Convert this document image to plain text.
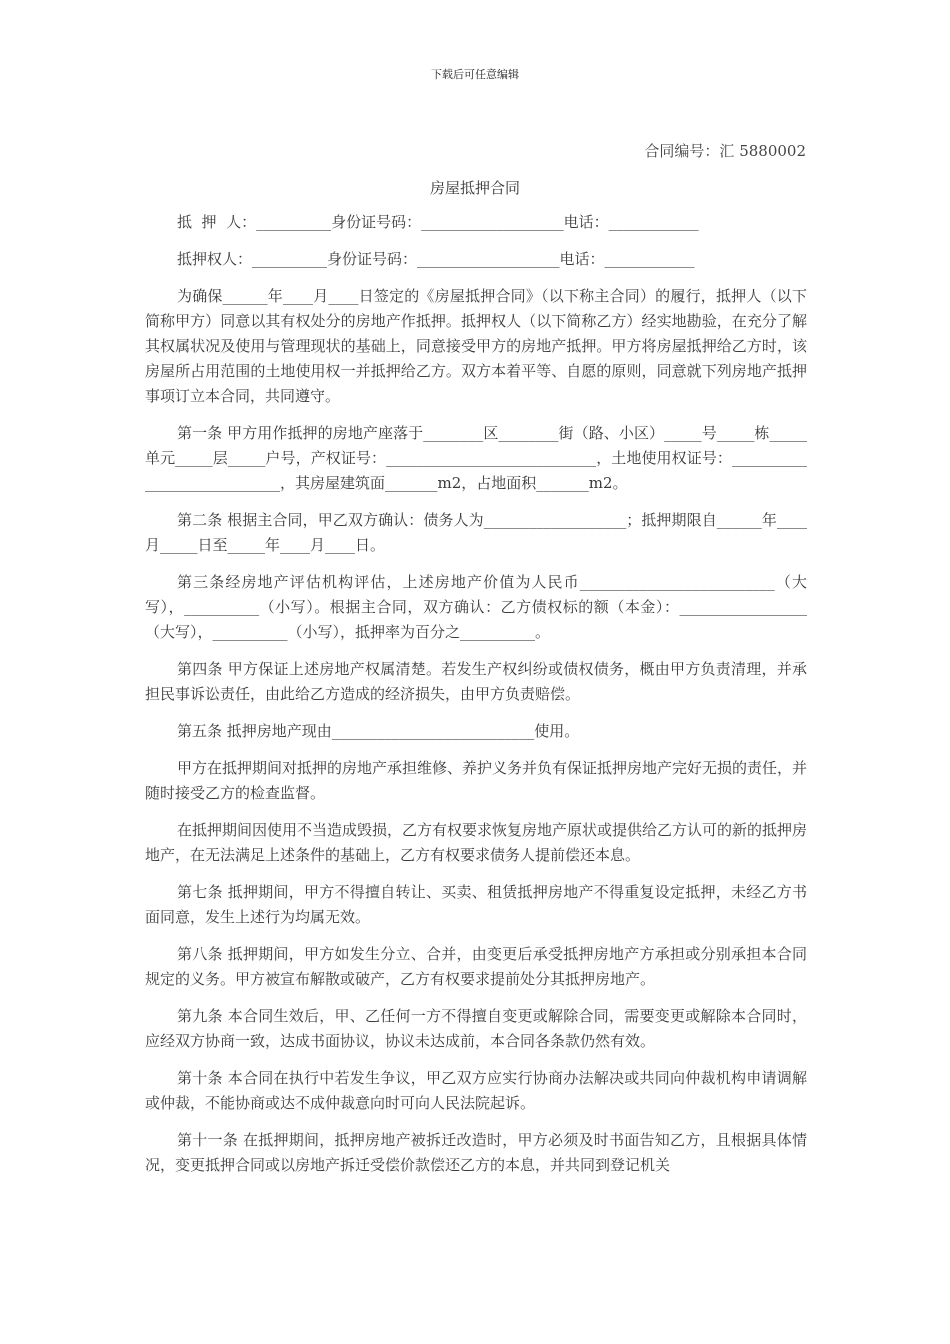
下载后可任意编辑
合同编号：汇 5880002
房屋抵押合同
抵  押  人：__________身份证号码：___________________电话：____________
抵押权人：__________身份证号码：___________________电话：____________

为确保______年____月____日签定的《房屋抵押合同》（以下称主合同）的履行，抵押人（以下简称甲方）同意以其有权处分的房地产作抵押。抵押权人（以下简称乙方）经实地勘验，在充分了解其权属状况及使用与管理现状的基础上，同意接受甲方的房地产抵押。甲方将房屋抵押给乙方时，该房屋所占用范围的土地使用权一并抵押给乙方。双方本着平等、自愿的原则，同意就下列房地产抵押事项订立本合同，共同遵守。

第一条 甲方用作抵押的房地产座落于________区________街（路、小区）_____号_____栋_____单元_____层_____户号，产权证号：____________________________，土地使用权证号：____________________________，其房屋建筑面_______m2，占地面积_______m2。

第二条 根据主合同，甲乙双方确认：债务人为___________________；抵押期限自______年____月_____日至_____年____月____日。

第三条经房地产评估机构评估，上述房地产价值为人民币__________________________（大写），__________（小写）。根据主合同，双方确认：乙方债权标的额（本金）：_________________（大写），__________（小写），抵押率为百分之__________。

第四条 甲方保证上述房地产权属清楚。若发生产权纠纷或债权债务，概由甲方负责清理，并承担民事诉讼责任，由此给乙方造成的经济损失，由甲方负责赔偿。

第五条 抵押房地产现由___________________________使用。

甲方在抵押期间对抵押的房地产承担维修、养护义务并负有保证抵押房地产完好无损的责任，并随时接受乙方的检查监督。

在抵押期间因使用不当造成毁损，乙方有权要求恢复房地产原状或提供给乙方认可的新的抵押房地产，在无法满足上述条件的基础上，乙方有权要求债务人提前偿还本息。

第七条 抵押期间，甲方不得擅自转让、买卖、租赁抵押房地产不得重复设定抵押，未经乙方书面同意，发生上述行为均属无效。

第八条 抵押期间，甲方如发生分立、合并，由变更后承受抵押房地产方承担或分别承担本合同规定的义务。甲方被宣布解散或破产，乙方有权要求提前处分其抵押房地产。

第九条 本合同生效后，甲、乙任何一方不得擅自变更或解除合同，需要变更或解除本合同时，应经双方协商一致，达成书面协议，协议未达成前，本合同各条款仍然有效。

第十条 本合同在执行中若发生争议，甲乙双方应实行协商办法解决或共同向仲裁机构申请调解或仲裁，不能协商或达不成仲裁意向时可向人民法院起诉。

第十一条 在抵押期间，抵押房地产被拆迁改造时，甲方必须及时书面告知乙方，且根据具体情况，变更抵押合同或以房地产拆迁受偿价款偿还乙方的本息，并共同到登记机关
